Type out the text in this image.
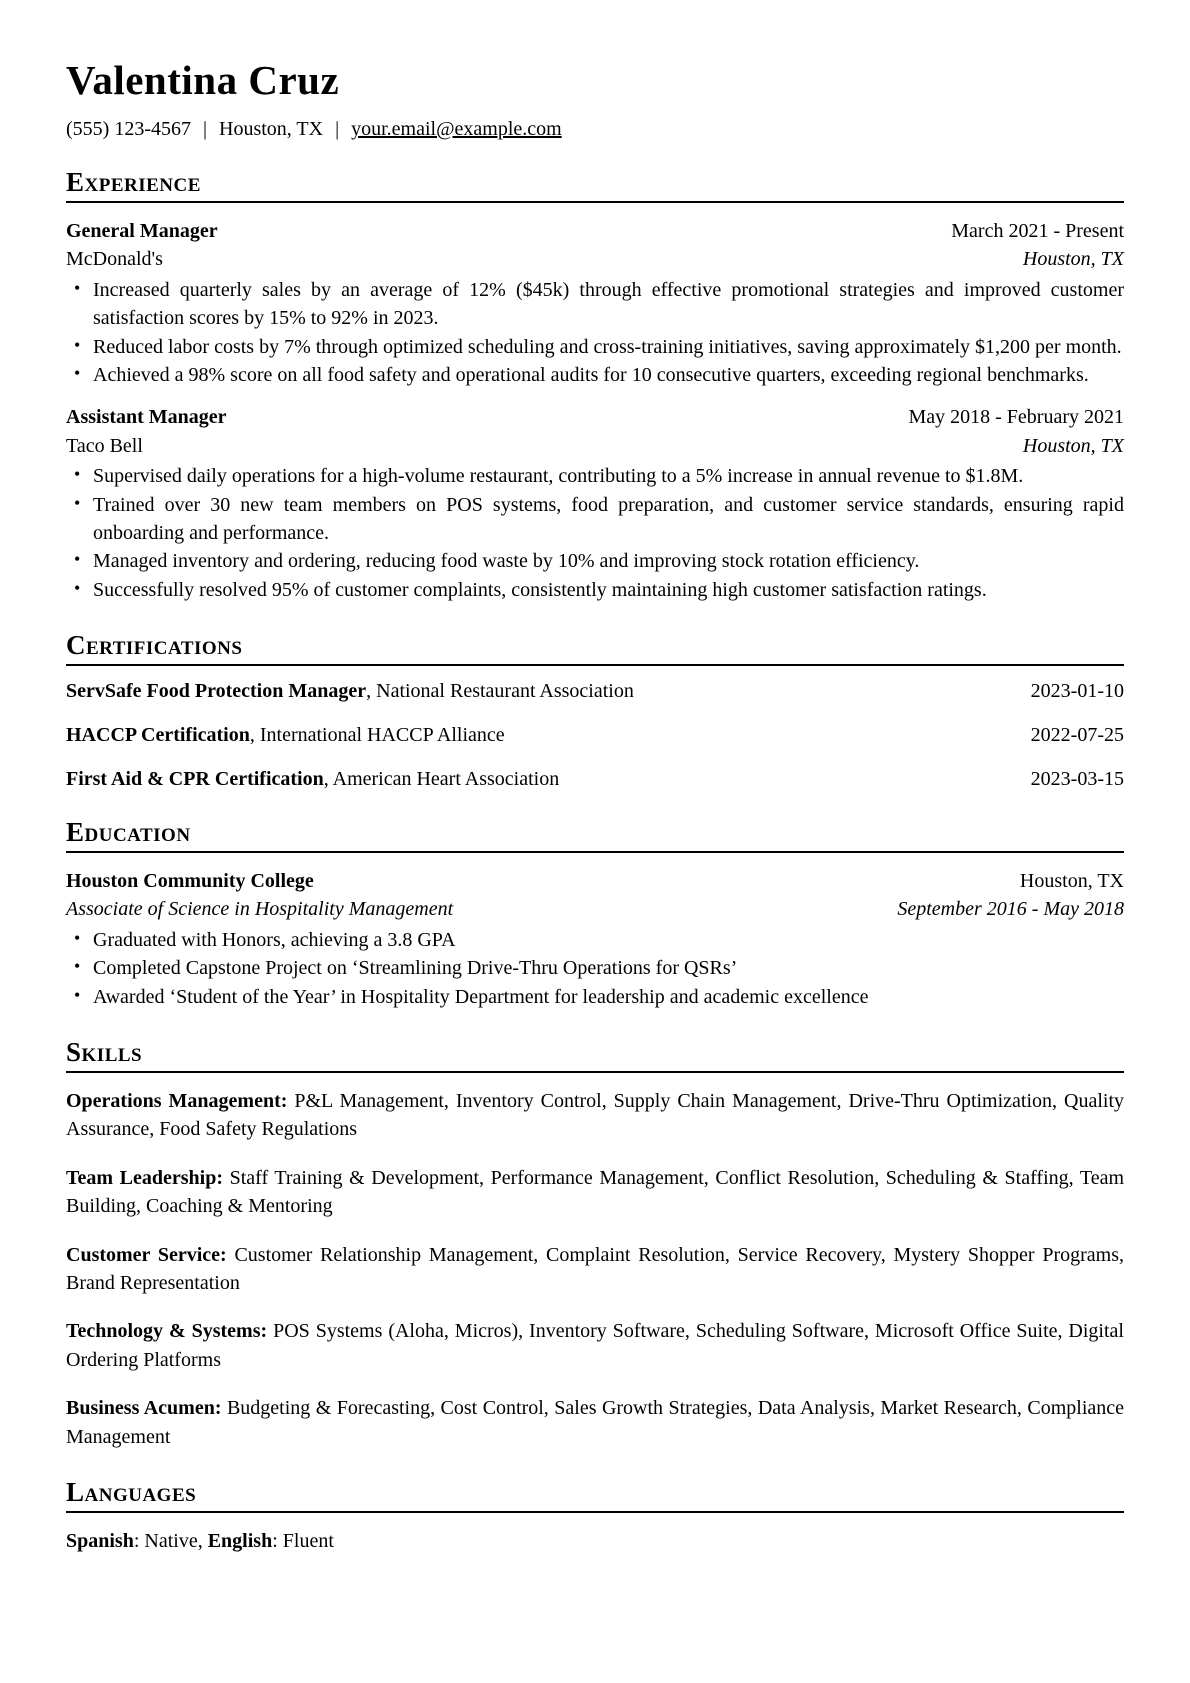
Valentina Cruz
(555) 123-4567 | Houston, TX | your.email@example.com
Experience
General Manager	March 2021 - Present
McDonald's	Houston, TX
• Increased quarterly sales by an average of 12% ($45k) through effective promotional strategies and improved customer satisfaction scores by 15% to 92% in 2023.
• Reduced labor costs by 7% through optimized scheduling and cross-training initiatives, saving approximately $1,200 per month.
• Achieved a 98% score on all food safety and operational audits for 10 consecutive quarters, exceeding regional benchmarks.
Assistant Manager	May 2018 - February 2021
Taco Bell	Houston, TX
• Supervised daily operations for a high-volume restaurant, contributing to a 5% increase in annual revenue to $1.8M.
• Trained over 30 new team members on POS systems, food preparation, and customer service standards, ensuring rapid onboarding and performance.
• Managed inventory and ordering, reducing food waste by 10% and improving stock rotation efficiency.
• Successfully resolved 95% of customer complaints, consistently maintaining high customer satisfaction ratings.
Certifications
ServSafe Food Protection Manager, National Restaurant Association	2023-01-10
HACCP Certification, International HACCP Alliance	2022-07-25
First Aid & CPR Certification, American Heart Association	2023-03-15
Education
Houston Community College	Houston, TX
Associate of Science in Hospitality Management	September 2016 - May 2018
• Graduated with Honors, achieving a 3.8 GPA
• Completed Capstone Project on ‘Streamlining Drive-Thru Operations for QSRs’
• Awarded ‘Student of the Year’ in Hospitality Department for leadership and academic excellence
Skills

Operations Management: P&L Management, Inventory Control, Supply Chain Management, Drive-Thru Optimization, Quality Assurance, Food Safety Regulations

Team Leadership: Staff Training & Development, Performance Management, Conflict Resolution, Scheduling & Staffing, Team Building, Coaching & Mentoring

Customer Service: Customer Relationship Management, Complaint Resolution, Service Recovery, Mystery Shopper Programs, Brand Representation

Technology & Systems: POS Systems (Aloha, Micros), Inventory Software, Scheduling Software, Microsoft Office Suite, Digital Ordering Platforms

Business Acumen: Budgeting & Forecasting, Cost Control, Sales Growth Strategies, Data Analysis, Market Research, Compliance Management

Languages

Spanish: Native, English: Fluent
